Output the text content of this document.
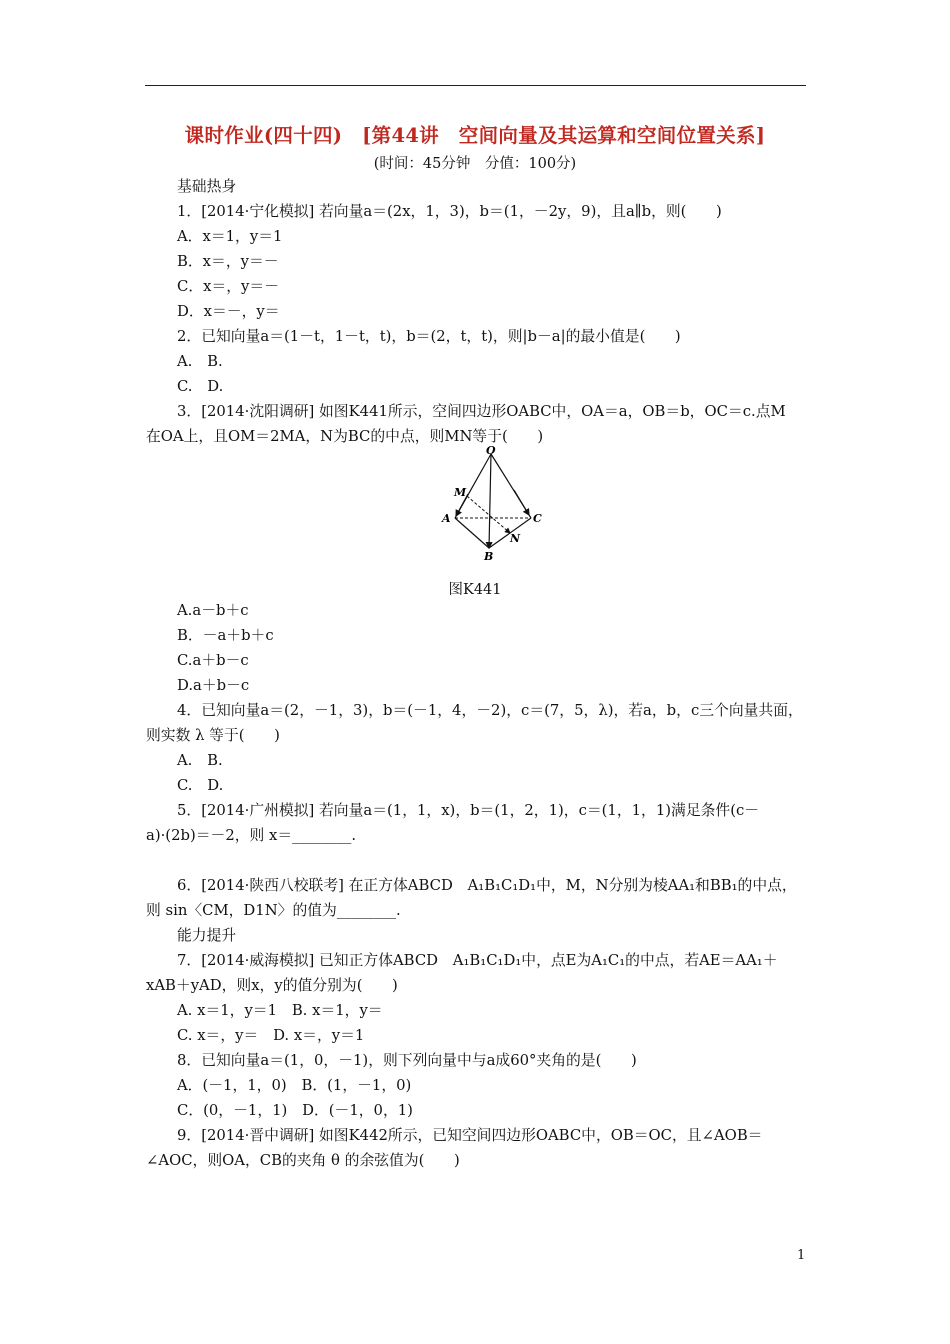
课时作业(四十四)　[第44讲　空间向量及其运算和空间位置关系]
(时间：45分钟　分值：100分)
基础热身
1．[2014·宁化模拟] 若向量a＝(2x，1，3)，b＝(1，－2y，9)，且a∥b，则(　　)
A．x＝1，y＝1
B．x＝，y＝－
C．x＝，y＝－
D．x＝－，y＝
2．已知向量a＝(1－t，1－t，t)，b＝(2，t，t)，则|b－a|的最小值是(　　)
A.　B.
C.　D.
3．[2014·沈阳调研] 如图K441所示，空间四边形OABC中，OA＝a，OB＝b，OC＝c.点M
在OA上，且OM＝2MA，N为BC的中点，则MN等于(　　)
A.a－b＋c
B．－a＋b＋c
C.a＋b－c
D.a＋b－c
4．已知向量a＝(2，－1，3)，b＝(－1，4，－2)，c＝(7，5，λ)，若a，b，c三个向量共面，
则实数 λ 等于(　　)
A.　B.
C.　D.
5．[2014·广州模拟] 若向量a＝(1，1，x)，b＝(1，2，1)，c＝(1，1，1)满足条件(c－
a)·(2b)＝－2，则 x＝________.
6．[2014·陕西八校联考] 在正方体ABCD　A₁B₁C₁D₁中，M，N分别为棱AA₁和BB₁的中点，
则 sin〈CM，D1N〉的值为________.
能力提升
7．[2014·威海模拟] 已知正方体ABCD　A₁B₁C₁D₁中，点E为A₁C₁的中点，若AE＝AA₁＋
xAB＋yAD，则x，y的值分别为(　　)
A. x＝1，y＝1　B. x＝1，y＝
C. x＝，y＝　D. x＝，y＝1
8．已知向量a＝(1，0，－1)，则下列向量中与a成60°夹角的是(　　)
A．(－1，1，0)　B．(1，－1，0)
C．(0，－1，1)　D．(－1，0，1)
9．[2014·晋中调研] 如图K442所示，已知空间四边形OABC中，OB＝OC，且∠AOB＝
∠AOC，则OA，CB的夹角 θ 的余弦值为(　　)
O
M
A	C
N
B
图K441
1
